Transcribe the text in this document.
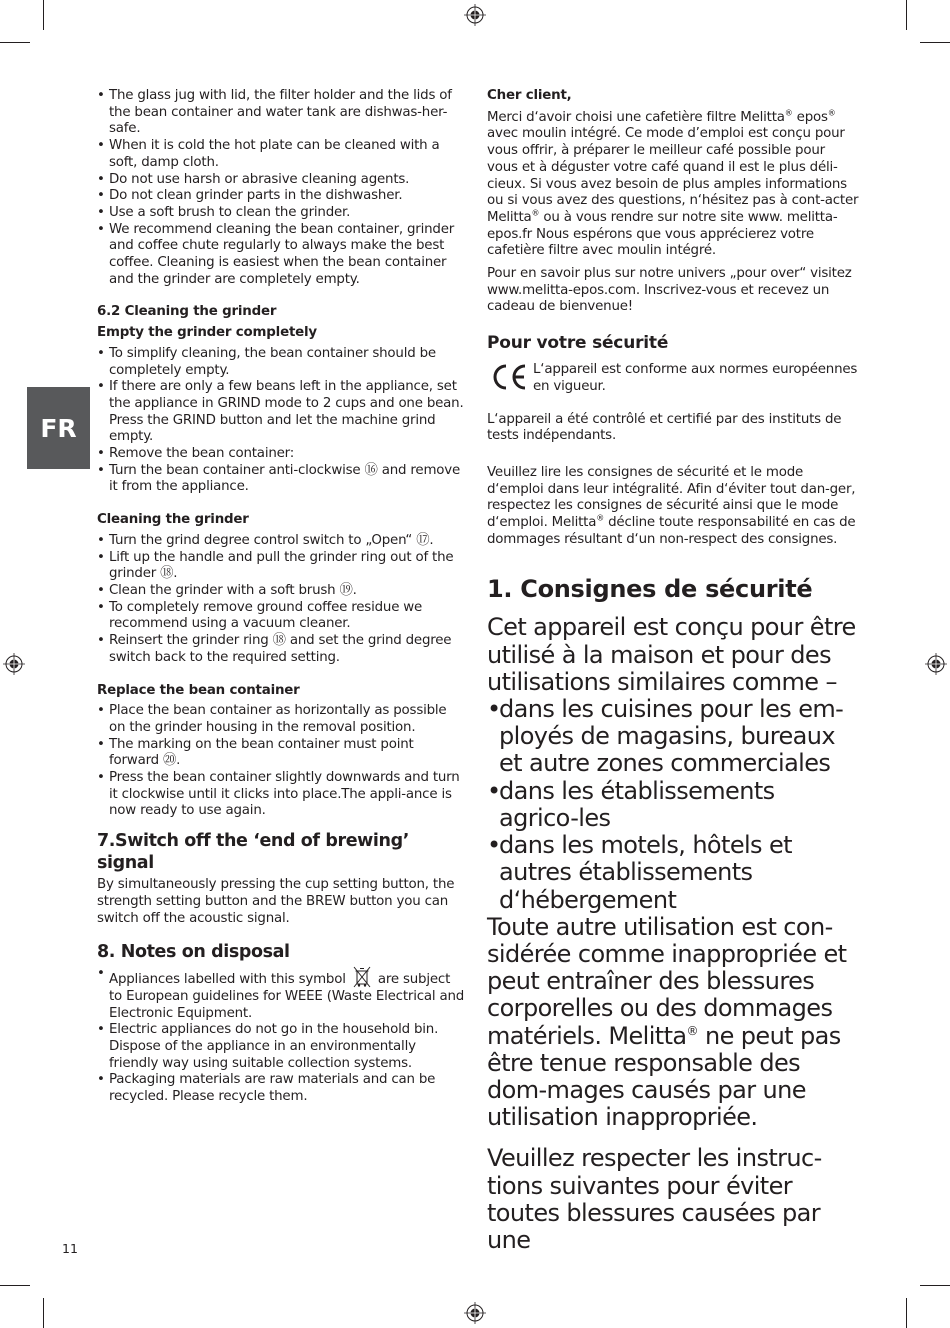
FR
• The glass jug with lid, the filter holder and the lids of the bean container and water tank are dishwas-her-safe.
• When it is cold the hot plate can be cleaned with a soft, damp cloth.
• Do not use harsh or abrasive cleaning agents.
• Do not clean grinder parts in the dishwasher.
• Use a soft brush to clean the grinder.
• We recommend cleaning the bean container, grinder and coffee chute regularly to always make the best coffee. Cleaning is easiest when the bean container and the grinder are completely empty.
6.2 Cleaning the grinder
Empty the grinder completely
• To simplify cleaning, the bean container should be completely empty.
• If there are only a few beans left in the appliance, set the appliance in GRIND mode to 2 cups and one bean. Press the GRIND button and let the machine grind empty.
• Remove the bean container:
• Turn the bean container anti-clockwise ⑯ and remove it from the appliance.
Cleaning the grinder
• Turn the grind degree control switch to „Open“ ⑰.
• Lift up the handle and pull the grinder ring out of the grinder ⑱.
• Clean the grinder with a soft brush ⑲.
• To completely remove ground coffee residue we recommend using a vacuum cleaner.
• Reinsert the grinder ring ⑱ and set the grind degree switch back to the required setting.
Replace the bean container
• Place the bean container as horizontally as possible on the grinder housing in the removal position.
• The marking on the bean container must point forward ⑳.
• Press the bean container slightly downwards and turn it clockwise until it clicks into place.The appli-ance is now ready to use again.
7.Switch off the ‘end of brewing’ signal

By simultaneously pressing the cup setting button, the strength setting button and the BREW button you can switch off the acoustic signal.

8. Notes on disposal
• Appliances labelled with this symbol are subject to European guidelines for WEEE (Waste Electrical and Electronic Equipment.
• Electric appliances do not go in the household bin. Dispose of the appliance in an environmentally friendly way using suitable collection systems.
• Packaging materials are raw materials and can be recycled. Please recycle them.
Cher client,

Merci d‘avoir choisi une cafetière filtre Melitta® epos® avec moulin intégré. Ce mode d’emploi est conçu pour vous offrir, à préparer le meilleur café possible pour vous et à déguster votre café quand il est le plus déli-cieux. Si vous avez besoin de plus amples informations ou si vous avez des questions, n‘hésitez pas à cont-acter Melitta® ou à vous rendre sur notre site www. melitta-epos.fr Nous espérons que vous apprécierez votre cafetière filtre avec moulin intégré.

Pour en savoir plus sur notre univers „pour over“ visitez www.melitta-epos.com. Inscrivez-vous et recevez un cadeau de bienvenue!

Pour votre sécurité
L‘appareil est conforme aux normes européennes en vigueur.

L‘appareil a été contrôlé et certifié par des instituts de tests indépendants.

Veuillez lire les consignes de sécurité et le mode d‘emploi dans leur intégralité. Afin d‘éviter tout dan-ger, respectez les consignes de sécurité ainsi que le mode d‘emploi. Melitta® décline toute responsabilité en cas de dommages résultant d‘un non-respect des consignes.

1. Consignes de sécurité
Cet appareil est conçu pour être utilisé à la maison et pour des utilisations similaires comme –
• dans les cuisines pour les em-ployés de magasins, bureaux et autre zones commerciales
• dans les établissements agrico-les
• dans les motels, hôtels et autres établissements d‘hébergement
Toute autre utilisation est con-sidérée comme inappropriée et peut entraîner des blessures corporelles ou des dommages matériels. Melitta® ne peut pas être tenue responsable des dom-mages causés par une utilisation inappropriée.
Veuillez respecter les instruc-tions suivantes pour éviter toutes blessures causées par une
11
